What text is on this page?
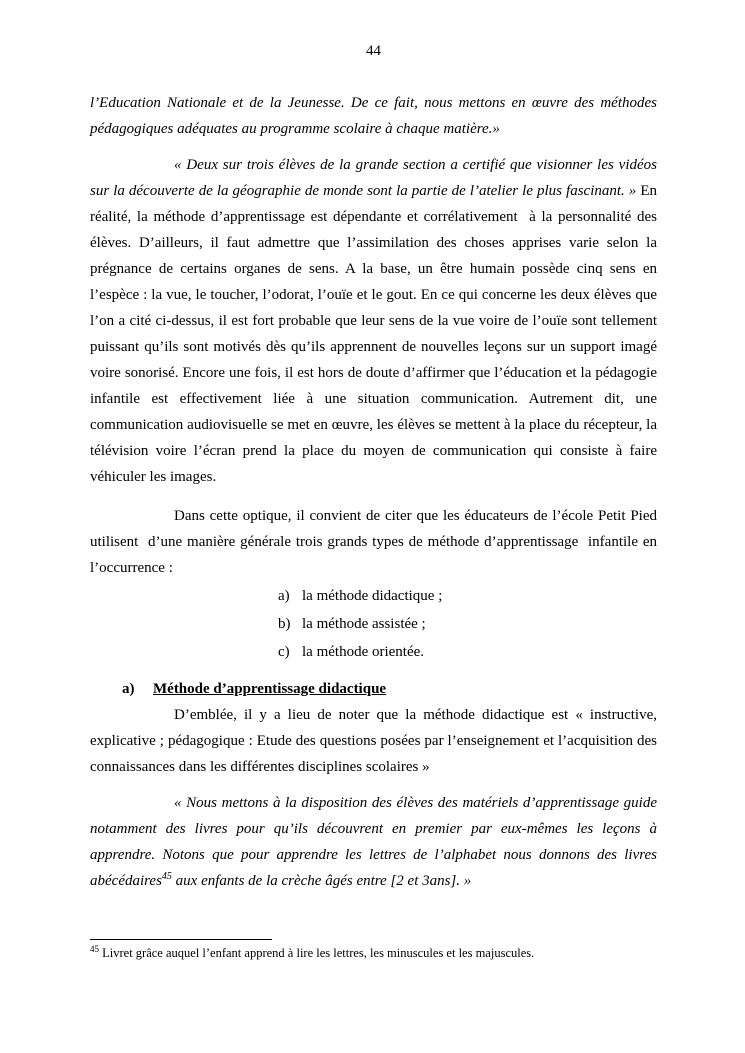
44

l’Education Nationale et de la Jeunesse. De ce fait, nous mettons en œuvre des méthodes pédagogiques adéquates au programme scolaire à chaque matière.»

« Deux sur trois élèves de la grande section a certifié que visionner les vidéos sur la découverte de la géographie de monde sont la partie de l’atelier le plus fascinant. » En réalité, la méthode d’apprentissage est dépendante et corrélativement  à la personnalité des élèves. D’ailleurs, il faut admettre que l’assimilation des choses apprises varie selon la prégnance de certains organes de sens. A la base, un être humain possède cinq sens en l’espèce : la vue, le toucher, l’odorat, l’ouïe et le gout. En ce qui concerne les deux élèves que l’on a cité ci-dessus, il est fort probable que leur sens de la vue voire de l’ouïe sont tellement puissant qu’ils sont motivés dès qu’ils apprennent de nouvelles leçons sur un support imagé voire sonorisé. Encore une fois, il est hors de doute d’affirmer que l’éducation et la pédagogie infantile est effectivement liée à une situation communication. Autrement dit, une communication audiovisuelle se met en œuvre, les élèves se mettent à la place du récepteur, la télévision voire l’écran prend la place du moyen de communication qui consiste à faire véhiculer les images.

Dans cette optique, il convient de citer que les éducateurs de l’école Petit Pied utilisent  d’une manière générale trois grands types de méthode d’apprentissage  infantile en l’occurrence :

a) la méthode didactique ;
b) la méthode assistée ;
c) la méthode orientée.
a) Méthode d’apprentissage didactique

D’emblée, il y a lieu de noter que la méthode didactique est « instructive, explicative ; pédagogique : Etude des questions posées par l’enseignement et l’acquisition des connaissances dans les différentes disciplines scolaires »

« Nous mettons à la disposition des élèves des matériels d’apprentissage guide notamment des livres pour qu’ils découvrent en premier par eux-mêmes les leçons à apprendre. Notons que pour apprendre les lettres de l’alphabet nous donnons des livres abécédaires$^{45}$ aux enfants de la crèche âgés entre [2 et 3ans]. »

$^{45}$ Livret grâce auquel l’enfant apprend à lire les lettres, les minuscules et les majuscules.
